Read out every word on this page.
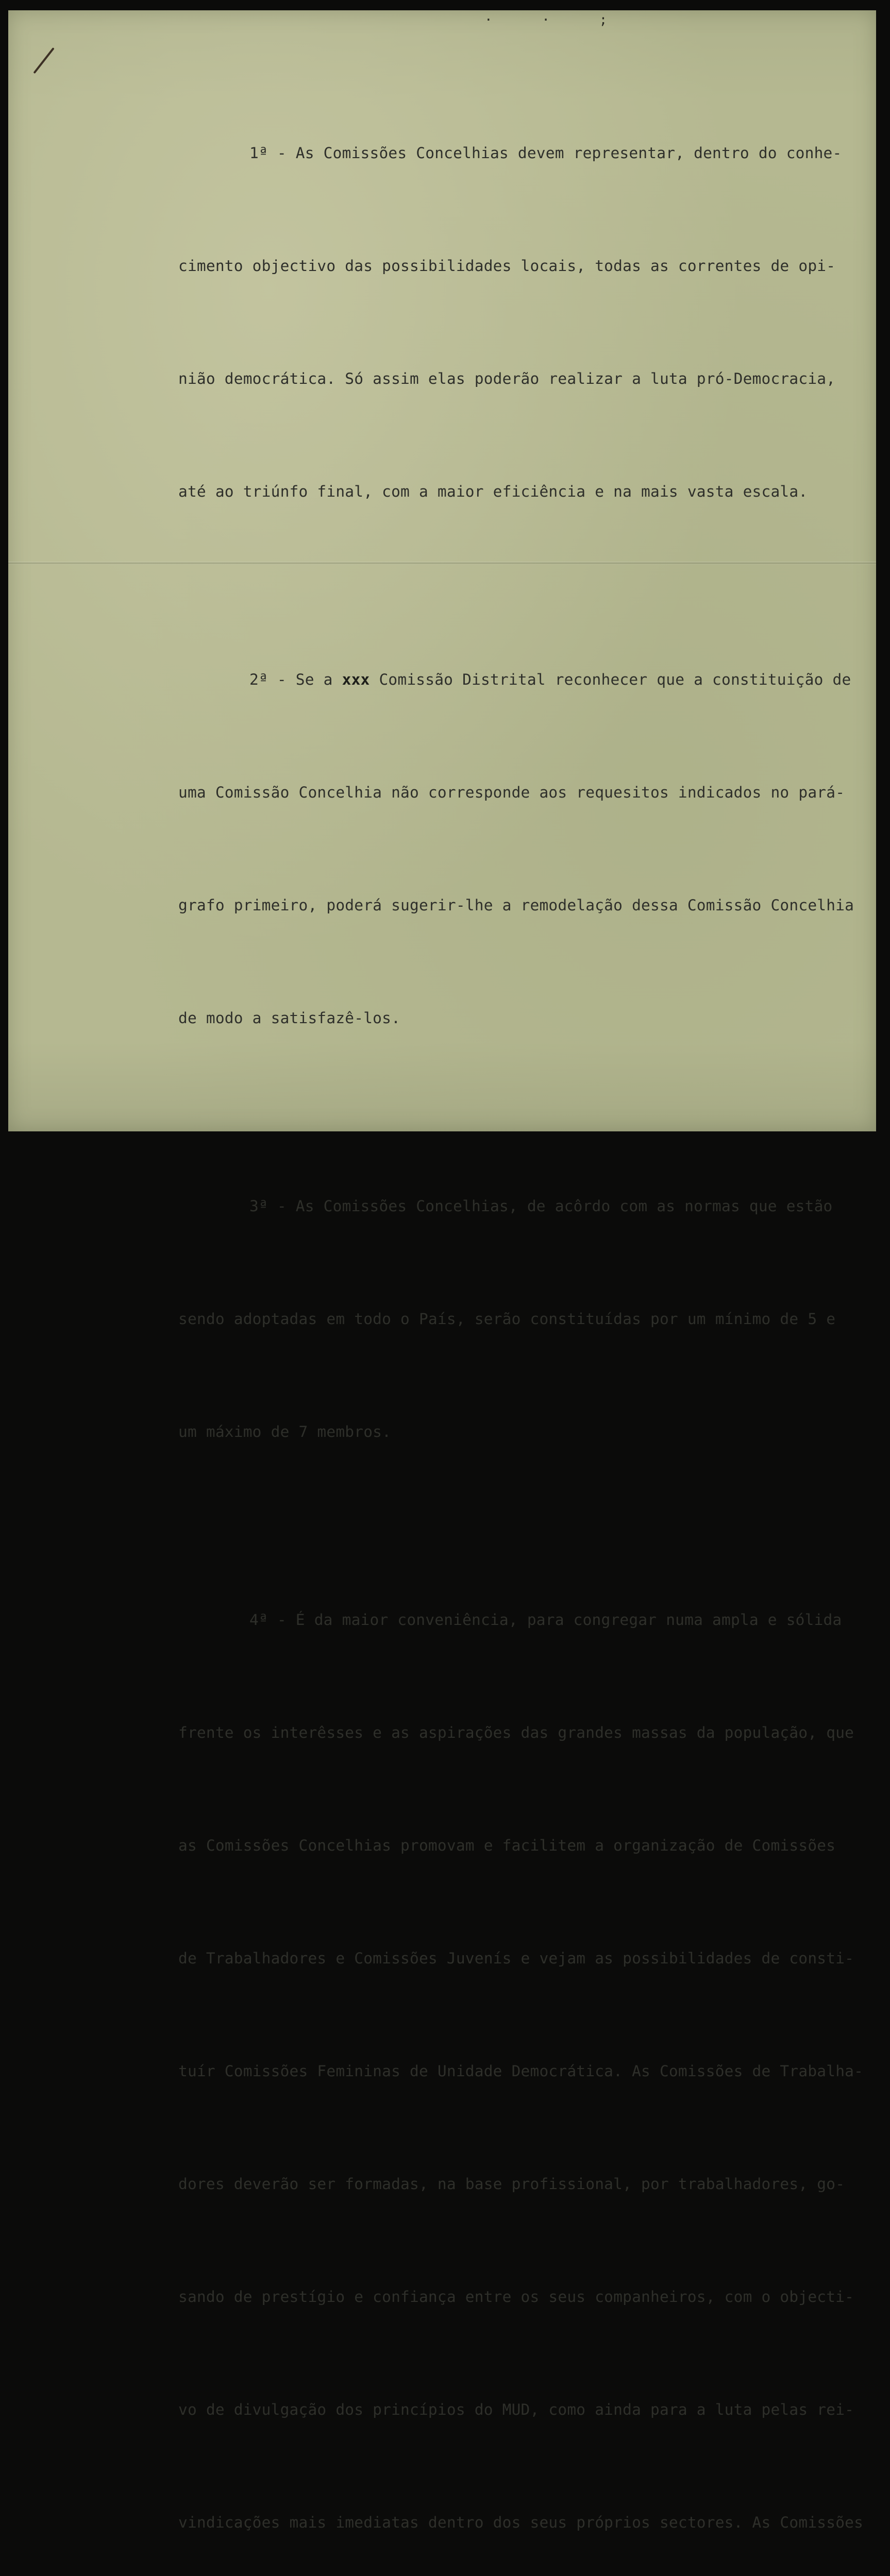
· · ;

1ª - As Comissões Concelhias devem representar, dentro do conhe-

cimento objectivo das possibilidades locais, todas as correntes de opi-

nião democrática. Só assim elas poderão realizar a luta pró-Democracia,

até ao triúnfo final, com a maior eficiência e na mais vasta escala.

2ª - Se a xxx Comissão Distrital reconhecer que a constituição de

uma Comissão Concelhia não corresponde aos requesitos indicados no pará-

grafo primeiro, poderá sugerir-lhe a remodelação dessa Comissão Concelhia

de modo a satisfazê-los.

3ª - As Comissões Concelhias, de acôrdo com as normas que estão

sendo adoptadas em todo o País, serão constituídas por um mínimo de 5 e

um máximo de 7 membros.

4ª - É da maior conveniência, para congregar numa ampla e sólida

frente os interêsses e as aspirações das grandes massas da população, que

as Comissões Concelhias promovam e facilitem a organização de Comissões

de Trabalhadores e Comissões Juvenís e vejam as possibilidades de consti-

tuír Comissões Femininas de Unidade Democrática. As Comissões de Trabalha-

dores deverão ser formadas, na base profissional, por trabalhadores, go-

sando de prestígio e confiança entre os seus companheiros, com o objecti-

vo de divulgação dos princípios do MUD, como ainda para a luta pelas rei-

vindicações mais imediatas dentro dos seus próprios sectores. As Comissões
